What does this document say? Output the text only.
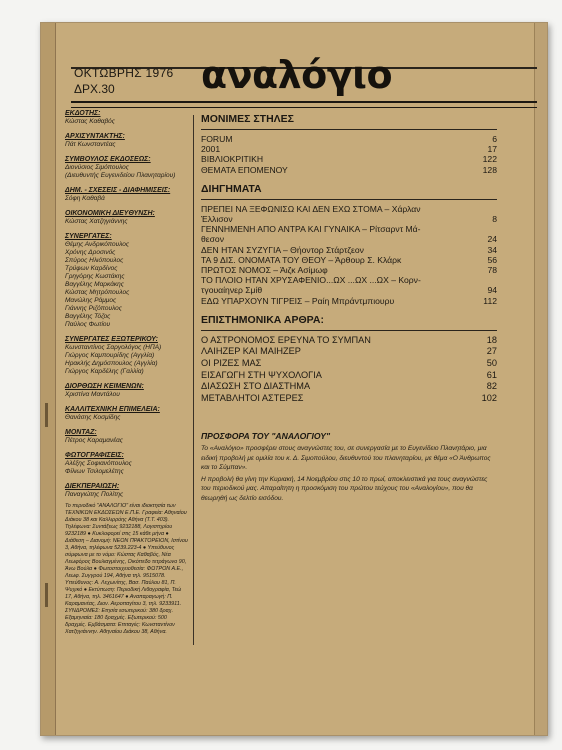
ΟΚΤΩΒΡΗΣ 1976
ΔΡΧ.30 αναλόγιο
ΕΚΔΟΤΗΣ:
Κώστας Καθαβός
ΑΡΧΙΣΥΝΤΑΚΤΗΣ:
Πάτ Κωνσταντέας
ΣΥΜΒΟΥΛΟΣ ΕΚΔΟΣΕΩΣ:
Διονύσιος Σιμόπουλος
(Διευθυντής Ευγενιδείου Πλανηταρίου)
ΔΗΜ. - ΣΧΕΣΕΙΣ - ΔΙΑΦΗΜΙΣΕΙΣ:
Σόφη Καθαβά
ΟΙΚΟΝΟΜΙΚΗ ΔΙΕΥΘΥΝΣΗ:
Κώστας Χατζηγιάννης
ΣΥΝΕΡΓΑΤΕΣ:
Θέμης Ανδρικόπουλος
Χρόνης Δροσινός
Σπύρος Ηλιόπουλος
Τρύφων Καρδίνος
Γρηγόρης Κωστάκης
Βαγγέλης Μαρκάκης
Κώστας Μητρόπουλος
Μανώλης Ράμμος
Γιάννης Ριζόπουλος
Βαγγέλης Τόζος
Παύλος Φωτίου
ΣΥΝΕΡΓΑΤΕΣ ΕΞΩΤΕΡΙΚΟΥ:
Κωνσταντίνος Σαργολόγος (ΗΠΑ)
Γιώργος Καμπουρίδης (Αγγλία)
Ηρακλής Δημόσπουλος (Αγγλία)
Γιώργος Καρδέλης (Γαλλία)
ΔΙΟΡΘΩΣΗ ΚΕΙΜΕΝΩΝ:
Χριστίνα Μαντάλου
ΚΑΛΛΙΤΕΧΝΙΚΗ ΕΠΙΜΕΛΕΙΑ:
Θανάσης Κοσμίδης
ΜΟΝΤΑΖ:
Πέτρος Καραμανέας
ΦΩΤΟΓΡΑΦΙΣΕΙΣ:
Αλέξης Σοφιανόπουλος
Φίλιων Τσιλομελέτης
ΔΙΕΚΠΕΡΑΙΩΣΗ:
Παναγιώτης Πολίτης
Το περιοδικό "ΑΝΑΛΟΓΙΟ" είναι ιδιοκτησία των ΤΕΧΝΙΚΩΝ ΕΚΔΟΣΕΩΝ Ε.Π.Ε. Γραφεία: Αθηναίου Διάκου 38 και Καλλιρρόης Αθήνα (Τ.Τ. 403). Τηλέφωνα: Συντάξεως 9232188, Λογιστηρίου 9232189 ● Κυκλοφορεί στις 15 κάθε μήνα ● Διάθεση – Διανομή: ΝΕΟΝ ΠΡΑΚΤΟΡΕΙΟΝ, Ιστίνου 3, Αθήνα, τηλέφωνα 5239.223-4 ● Υπεύθυνος σύμφωνα με το νόμο: Κώστας Καθαβός, Νέα Λεωφόρος Βουλιαγμένης, Οικόπεδο τετράγωνο 90, Άνω Βούλα ● Φωτοστοιχειοθεσία: ΦΩΤΡΟΝ Α.Ε., Λεωφ. Συγγρού 194, Αθήνα τηλ. 9515078. Υπεύθυνος: Α. Λεχωνίτης, Βασ. Παύλου 81, Π. Ψυχικό ● Εκτύπωση: Περιοδική Λιθογραφία, Τεώ 17, Αθήνα, τηλ. 3461647 ● Αναπαραγωγή: Π. Καραμανέας, Διον. Αεροπαγίτου 3, τηλ. 9233911. ΣΥΝΔΡΟΜΕΣ: Ετησία εσωτερικού: 380 δραχ. Εξαμηνιαία: 180 δραχμές. Εξωτερικού: 500 δραχμές. Εμβάσματα: Επιταγές: Κωνσταντίνον Χατζηγιάννην. Αθηναίου Διάκου 38, Αθήνα.
ΜΟΝΙΜΕΣ ΣΤΗΛΕΣ
FORUM	6
2001	17
ΒΙΒΛΙΟΚΡΙΤΙΚΗ	122
ΘΕΜΑΤΑ ΕΠΟΜΕΝΟΥ	128
ΔΙΗΓΗΜΑΤΑ
ΠΡΕΠΕΙ ΝΑ ΞΕΦΩΝΙΣΩ ΚΑΙ ΔΕΝ ΕΧΩ ΣΤΟΜΑ – Χάρλαν
Έλλισον	8
ΓΕΝΝΗΜΕΝΗ ΑΠΟ ΑΝΤΡΑ ΚΑΙ ΓΥΝΑΙΚΑ – Ρίτσαρντ Μά-
θεσον	24
ΔΕΝ ΗΤΑΝ ΣΥΖΥΓΙΑ – Θήοντορ Στάρτζεον	34
ΤΑ 9 ΔΙΣ. ΟΝΟΜΑΤΑ ΤΟΥ ΘΕΟΥ – Άρθουρ Σ. Κλάρκ	56
ΠΡΩΤΟΣ ΝΟΜΟΣ – Άιζκ Ασίμωφ	78
ΤΟ ΠΛΟΙΟ ΗΤΑΝ ΧΡΥΣΑΦΕΝΙΟ...ΩΧ ...ΩΧ ...ΩΧ – Κορν-
τγουαίηνερ Σμίθ	94
ΕΔΩ ΥΠΑΡΧΟΥΝ ΤΙΓΡΕΙΣ – Ραίη Μπράντμπιουρυ	112
ΕΠΙΣΤΗΜΟΝΙΚΑ ΑΡΘΡΑ:
Ο ΑΣΤΡΟΝΟΜΟΣ ΕΡΕΥΝΑ ΤΟ ΣΥΜΠΑΝ	18
ΛΑΙΗΖΕΡ ΚΑΙ ΜΑΙΗΖΕΡ	27
ΟΙ ΡΙΖΕΣ ΜΑΣ	50
ΕΙΣΑΓΩΓΗ ΣΤΗ ΨΥΧΟΛΟΓΙΑ	61
ΔΙΑΣΩΣΗ ΣΤΟ ΔΙΑΣΤΗΜΑ	82
ΜΕΤΑΒΛΗΤΟΙ ΑΣΤΕΡΕΣ	102
ΠΡΟΣΦΟΡΑ ΤΟΥ "ΑΝΑΛΟΓΙΟΥ"

Το «Αναλόγιο» προσφέρει στους αναγνώστες του, σε συνεργασία με το Ευγενίδειο Πλανητάριο, μια ειδική προβολή με ομιλία του κ. Δ. Σιμοπούλου, διευθυντού του πλανηταρίου, με θέμα «Ο Άνθρωπος και το Σύμπαν».

Η προβολή θα γίνη την Κυριακή, 14 Νοεμβρίου στις 10 το πρωί, αποκλειστικά για τους αναγνώστες του περιοδικού μας. Απαραίτητη η προσκόμιση του πρώτου τεύχους του «Αναλογίου», που θα θεωρηθή ως δελτίο εισόδου.
